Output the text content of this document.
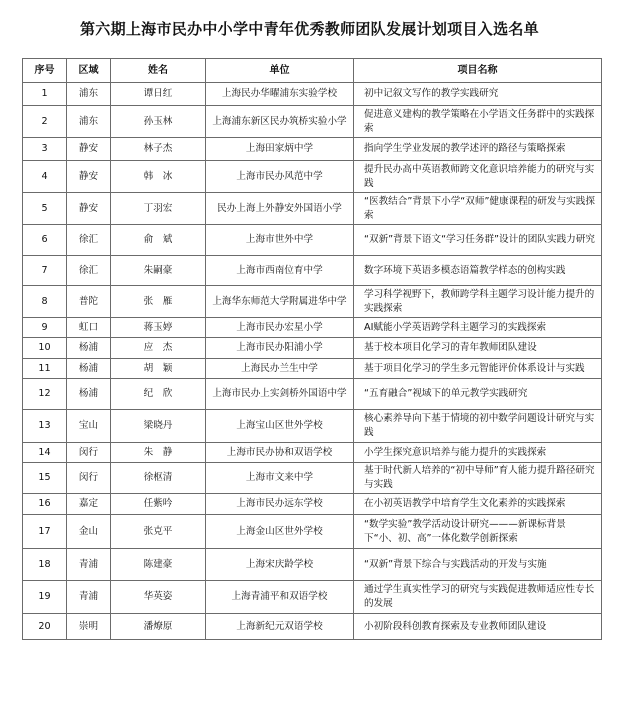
第六期上海市民办中小学中青年优秀教师团队发展计划项目入选名单
序号	区域	姓名	单位	项目名称
1	浦东	谭日红	上海民办华曜浦东实验学校	初中记叙文写作的教学实践研究
2	浦东	孙玉林	上海浦东新区民办筑桥实验小学	促进意义建构的教学策略在小学语文任务群中的实践探索
3	静安	林子杰	上海田家炳中学	指向学生学业发展的教学述评的路径与策略探索
4	静安	韩　冰	上海市民办风范中学	提升民办高中英语教师跨文化意识培养能力的研究与实践
5	静安	丁羽宏	民办上海上外静安外国语小学	“医教结合”背景下小学“双师”健康课程的研发与实践探索
6	徐汇	俞　斌	上海市世外中学	“双新”背景下语文“学习任务群”设计的团队实践力研究
7	徐汇	朱嗣豪	上海市西南位育中学	数字环境下英语多模态语篇教学样态的创构实践
8	普陀	张　雁	上海华东师范大学附属进华中学	学习科学视野下，教师跨学科主题学习设计能力提升的实践探索
9	虹口	蒋玉婷	上海市民办宏星小学	AI赋能小学英语跨学科主题学习的实践探索
10	杨浦	应　杰	上海市民办阳浦小学	基于校本项目化学习的青年教师团队建设
11	杨浦	胡　颖	上海民办兰生中学	基于项目化学习的学生多元智能评价体系设计与实践
12	杨浦	纪　欣	上海市民办上实剑桥外国语中学	“五育融合”视域下的单元教学实践研究
13	宝山	梁晓丹	上海宝山区世外学校	核心素养导向下基于情境的初中数学问题设计研究与实践
14	闵行	朱　静	上海市民办协和双语学校	小学生探究意识培养与能力提升的实践探索
15	闵行	徐枢清	上海市文来中学	基于时代新人培养的“初中导师”育人能力提升路径研究与实践
16	嘉定	任紫吟	上海市民办远东学校	在小初英语教学中培育学生文化素养的实践探索
17	金山	张克平	上海金山区世外学校	“数学实验”教学活动设计研究———新课标背景下“小、初、高”一体化数学创新探索
18	青浦	陈建豪	上海宋庆龄学校	“双新”背景下综合与实践活动的开发与实施
19	青浦	华英姿	上海青浦平和双语学校	通过学生真实性学习的研究与实践促进教师适应性专长的发展
20	崇明	潘燎原	上海新纪元双语学校	小初阶段科创教育探索及专业教师团队建设
